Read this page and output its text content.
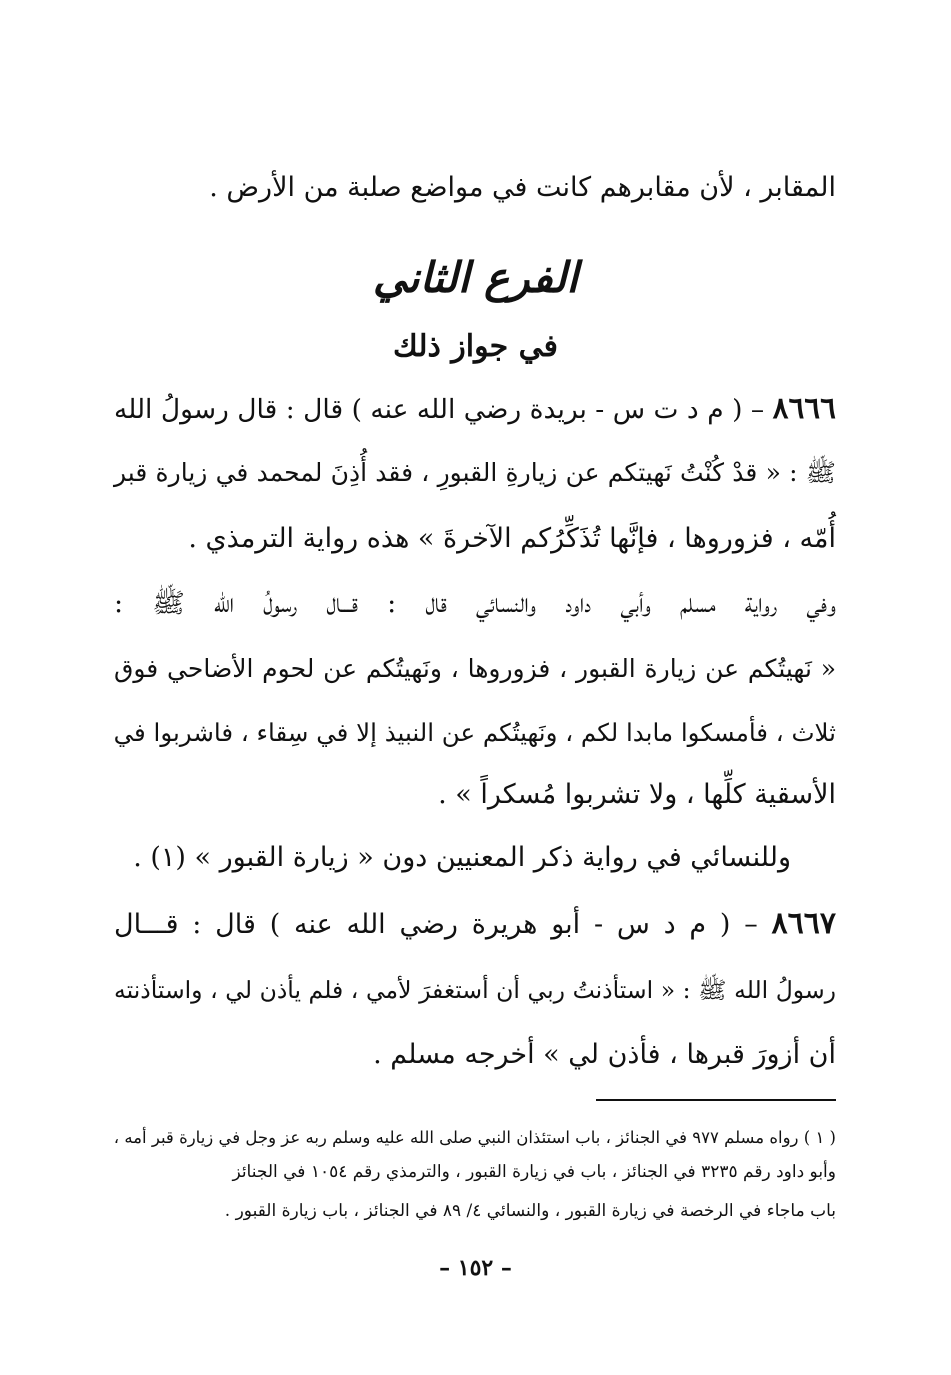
المقابر ، لأن مقابرهم كانت في مواضع صلبة من الأرض .
الفرع الثاني
في جواز ذلك
٨٦٦٦ – ( م د ت س - بريدة رضي الله عنه ) قال : قال رسولُ الله
ﷺ : « قدْ كُنْتُ نَهيتكم عن زيارةِ القبورِ ، فقد أُذِنَ لمحمد في زيارة قبر
أُمّه ، فزوروها ، فإنَّها تُذَكِّرُكم الآخرةَ » هذه رواية الترمذي .
وفي رواية مسلم وأبي داود والنسائي قال : قـــال رسولُ الله ﷺ :
« نَهيتُكم عن زيارة القبور ، فزوروها ، ونَهيتُكم عن لحوم الأضاحي فوق
ثلاث ، فأمسكوا مابدا لكم ، ونَهيتُكم عن النبيذ إلا في سِقاء ، فاشربوا في
الأسقية كلِّها ، ولا تشربوا مُسكراً » .
وللنسائي في رواية ذكر المعنيين دون « زيارة القبور » (١) .
٨٦٦٧ – ( م د س - أبو هريرة رضي الله عنه ) قال : قـــال
رسولُ الله ﷺ : « استأذنتُ ربي أن أستغفرَ لأمي ، فلم يأذن لي ، واستأذنته
أن أزورَ قبرها ، فأذن لي » أخرجه مسلم .
( ١ ) رواه مسلم ٩٧٧ في الجنائز ، باب استئذان النبي صلى الله عليه وسلم ربه عز وجل في زيارة قبر أمه ،
وأبو داود رقم ٣٢٣٥ في الجنائز ، باب في زيارة القبور ، والترمذي رقم ١٠٥٤ في الجنائز
باب ماجاء في الرخصة في زيارة القبور ، والنسائي ٤/ ٨٩ في الجنائز ، باب زيارة القبور .
– ١٥٢ –
